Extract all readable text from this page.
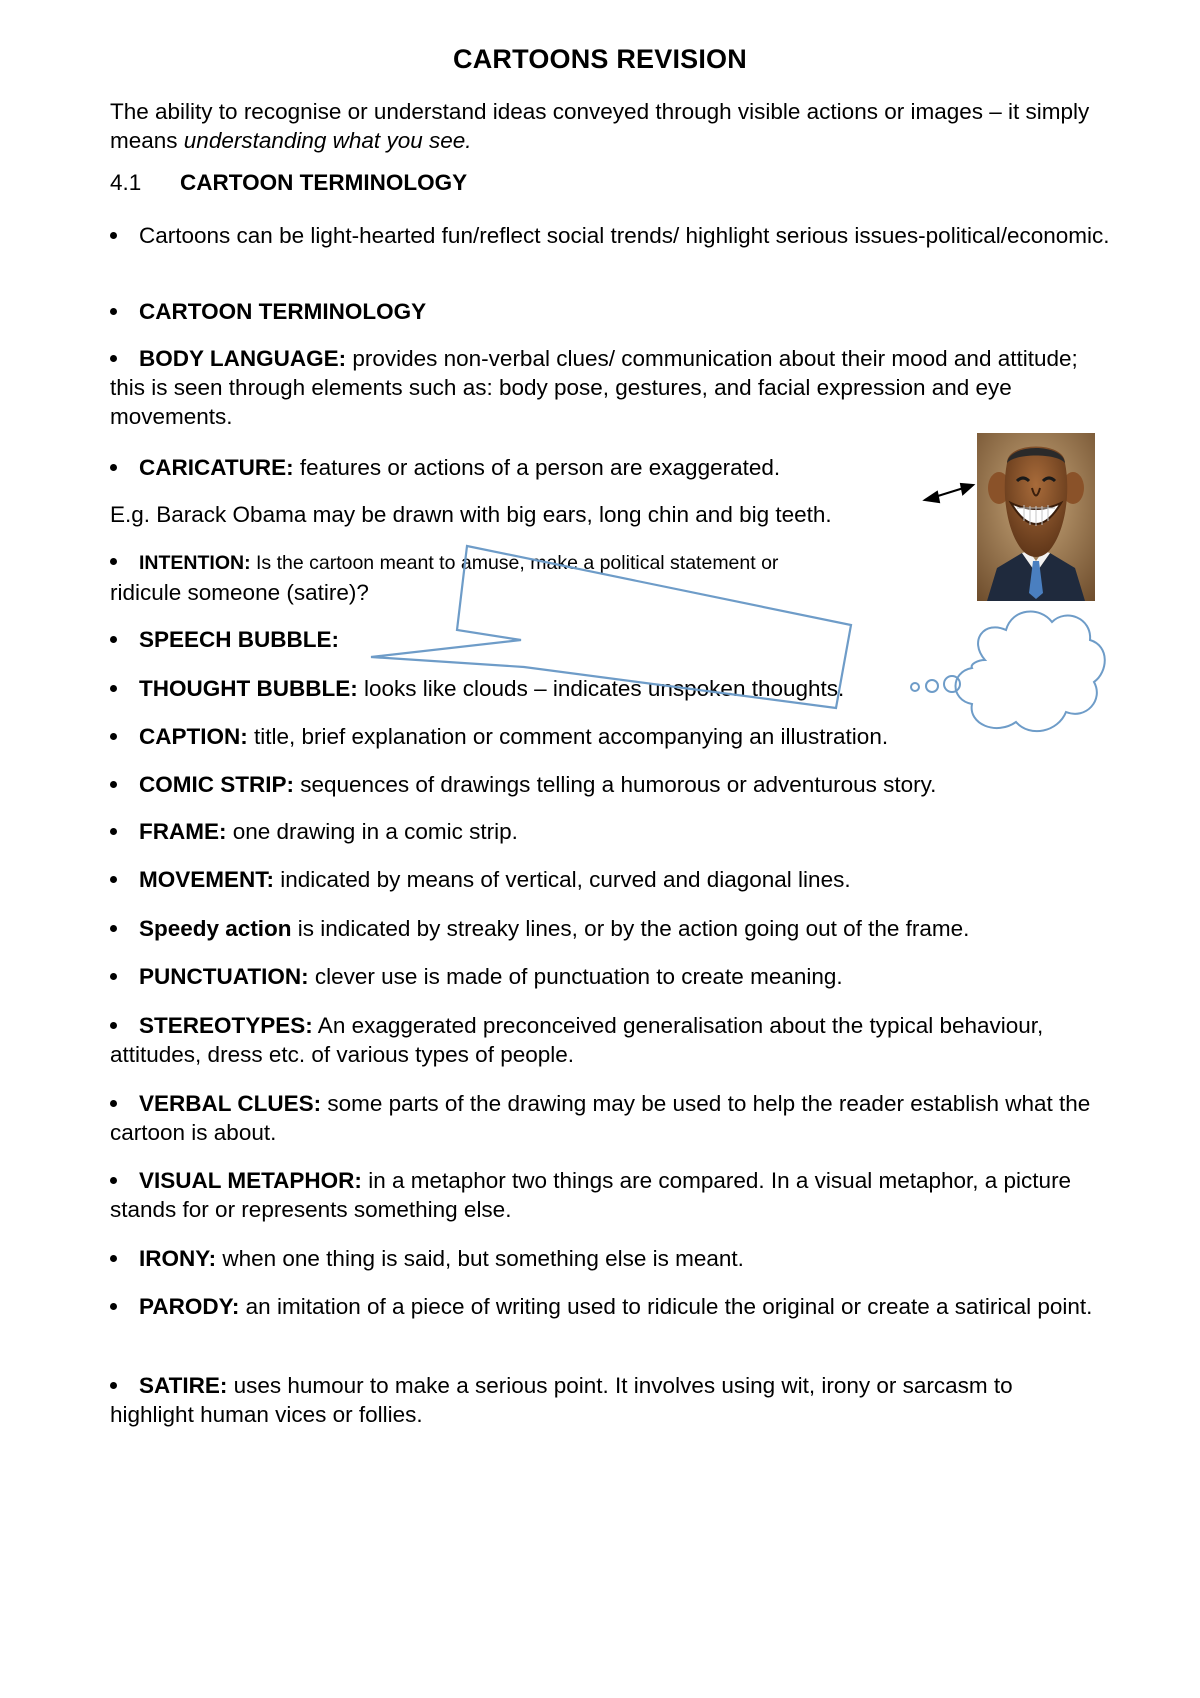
CARTOONS REVISION
The ability to recognise or understand ideas conveyed through visible actions or images – it simply means understanding what you see.
4.1 CARTOON TERMINOLOGY
Cartoons can be light-hearted fun/reflect social trends/ highlight serious issues-political/economic.
CARTOON TERMINOLOGY
BODY LANGUAGE: provides non-verbal clues/ communication about their mood and attitude; this is seen through elements such as: body pose, gestures, and facial expression and eye movements.
CARICATURE: features or actions of a person are exaggerated.
E.g. Barack Obama may be drawn with big ears, long chin and big teeth.
INTENTION: Is the cartoon meant to amuse, make a political statement or
ridicule someone (satire)?
SPEECH BUBBLE:
THOUGHT BUBBLE: looks like clouds – indicates unspoken thoughts.
CAPTION: title, brief explanation or comment accompanying an illustration.
COMIC STRIP: sequences of drawings telling a humorous or adventurous story.
FRAME: one drawing in a comic strip.
MOVEMENT: indicated by means of vertical, curved and diagonal lines.
Speedy action is indicated by streaky lines, or by the action going out of the frame.
PUNCTUATION: clever use is made of punctuation to create meaning.
STEREOTYPES: An exaggerated preconceived generalisation about the typical behaviour, attitudes, dress etc. of various types of people.
VERBAL CLUES: some parts of the drawing may be used to help the reader establish what the cartoon is about.
VISUAL METAPHOR: in a metaphor two things are compared. In a visual metaphor, a picture stands for or represents something else.
IRONY: when one thing is said, but something else is meant.
PARODY: an imitation of a piece of writing used to ridicule the original or create a satirical point.
SATIRE: uses humour to make a serious point. It involves using wit, irony or sarcasm to highlight human vices or follies.
